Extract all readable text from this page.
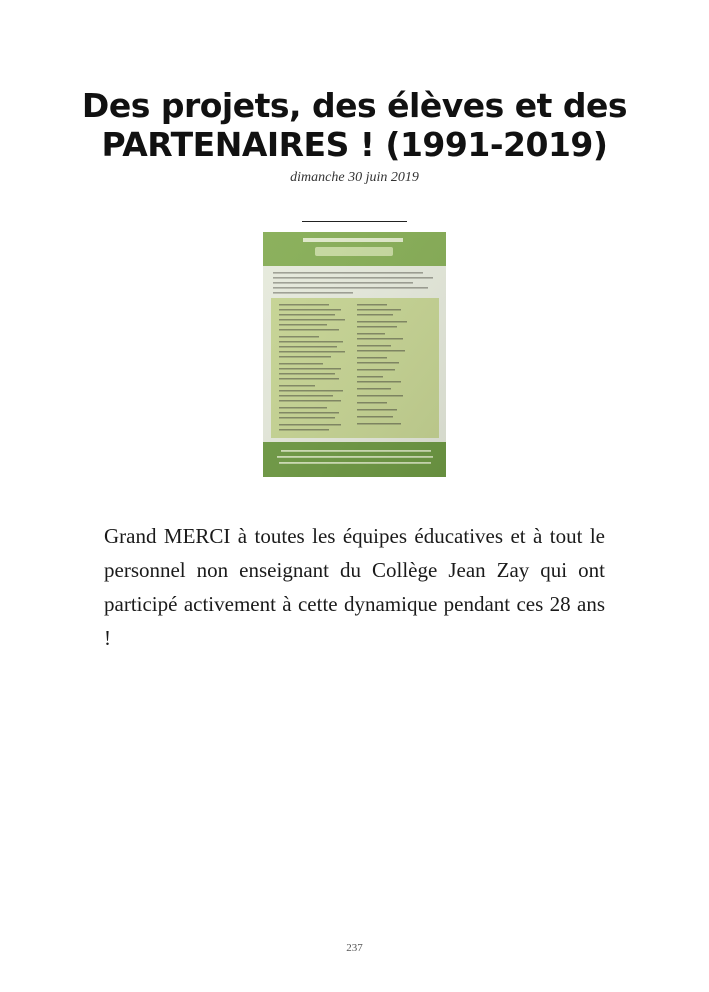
Des projets, des élèves et des PARTENAIRES ! (1991-2019)
dimanche 30 juin 2019

Grand MERCI à toutes les équipes éducatives et à tout le personnel non enseignant du Collège Jean Zay qui ont participé activement à cette dynamique pendant ces 28 ans !

237
